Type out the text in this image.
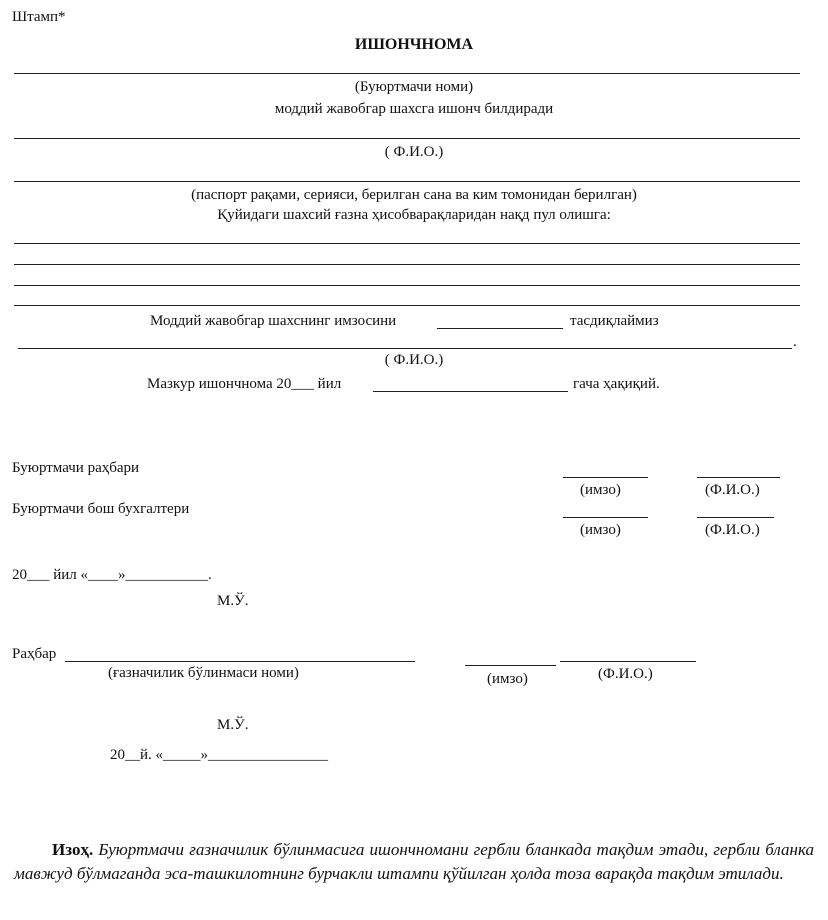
Штамп*
ИШОНЧНОМА
(Буюртмачи номи)
моддий жавобгар шахсга ишонч билдиради
( Ф.И.О.)
(паспорт рақами, серияси, берилган сана ва ким томонидан берилган)
Қуйидаги шахсий ғазна ҳисобварақларидан нақд пул олишга:
Моддий жавобгар шахснинг имзосини	тасдиқлаймиз
.
( Ф.И.О.)
Мазкур ишончнома 20___ йил	гача ҳақиқий.
Буюртмачи раҳбари
(имзо)	(Ф.И.О.)
Буюртмачи бош бухгалтери
(имзо)	(Ф.И.О.)
20___ йил «____»___________.
М.Ў.
Раҳбар
(ғазначилик бўлинмаси номи)	(имзо)	(Ф.И.О.)
М.Ў.
20__й. «_____»________________
Изоҳ. Буюртмачи ғазначилик бўлинмасига ишончномани гербли бланкада тақдим этади, гербли бланка мавжуд бўлмаганда эса-ташкилотнинг бурчакли штампи қўйилган ҳолда тоза варақда тақдим этилади.
